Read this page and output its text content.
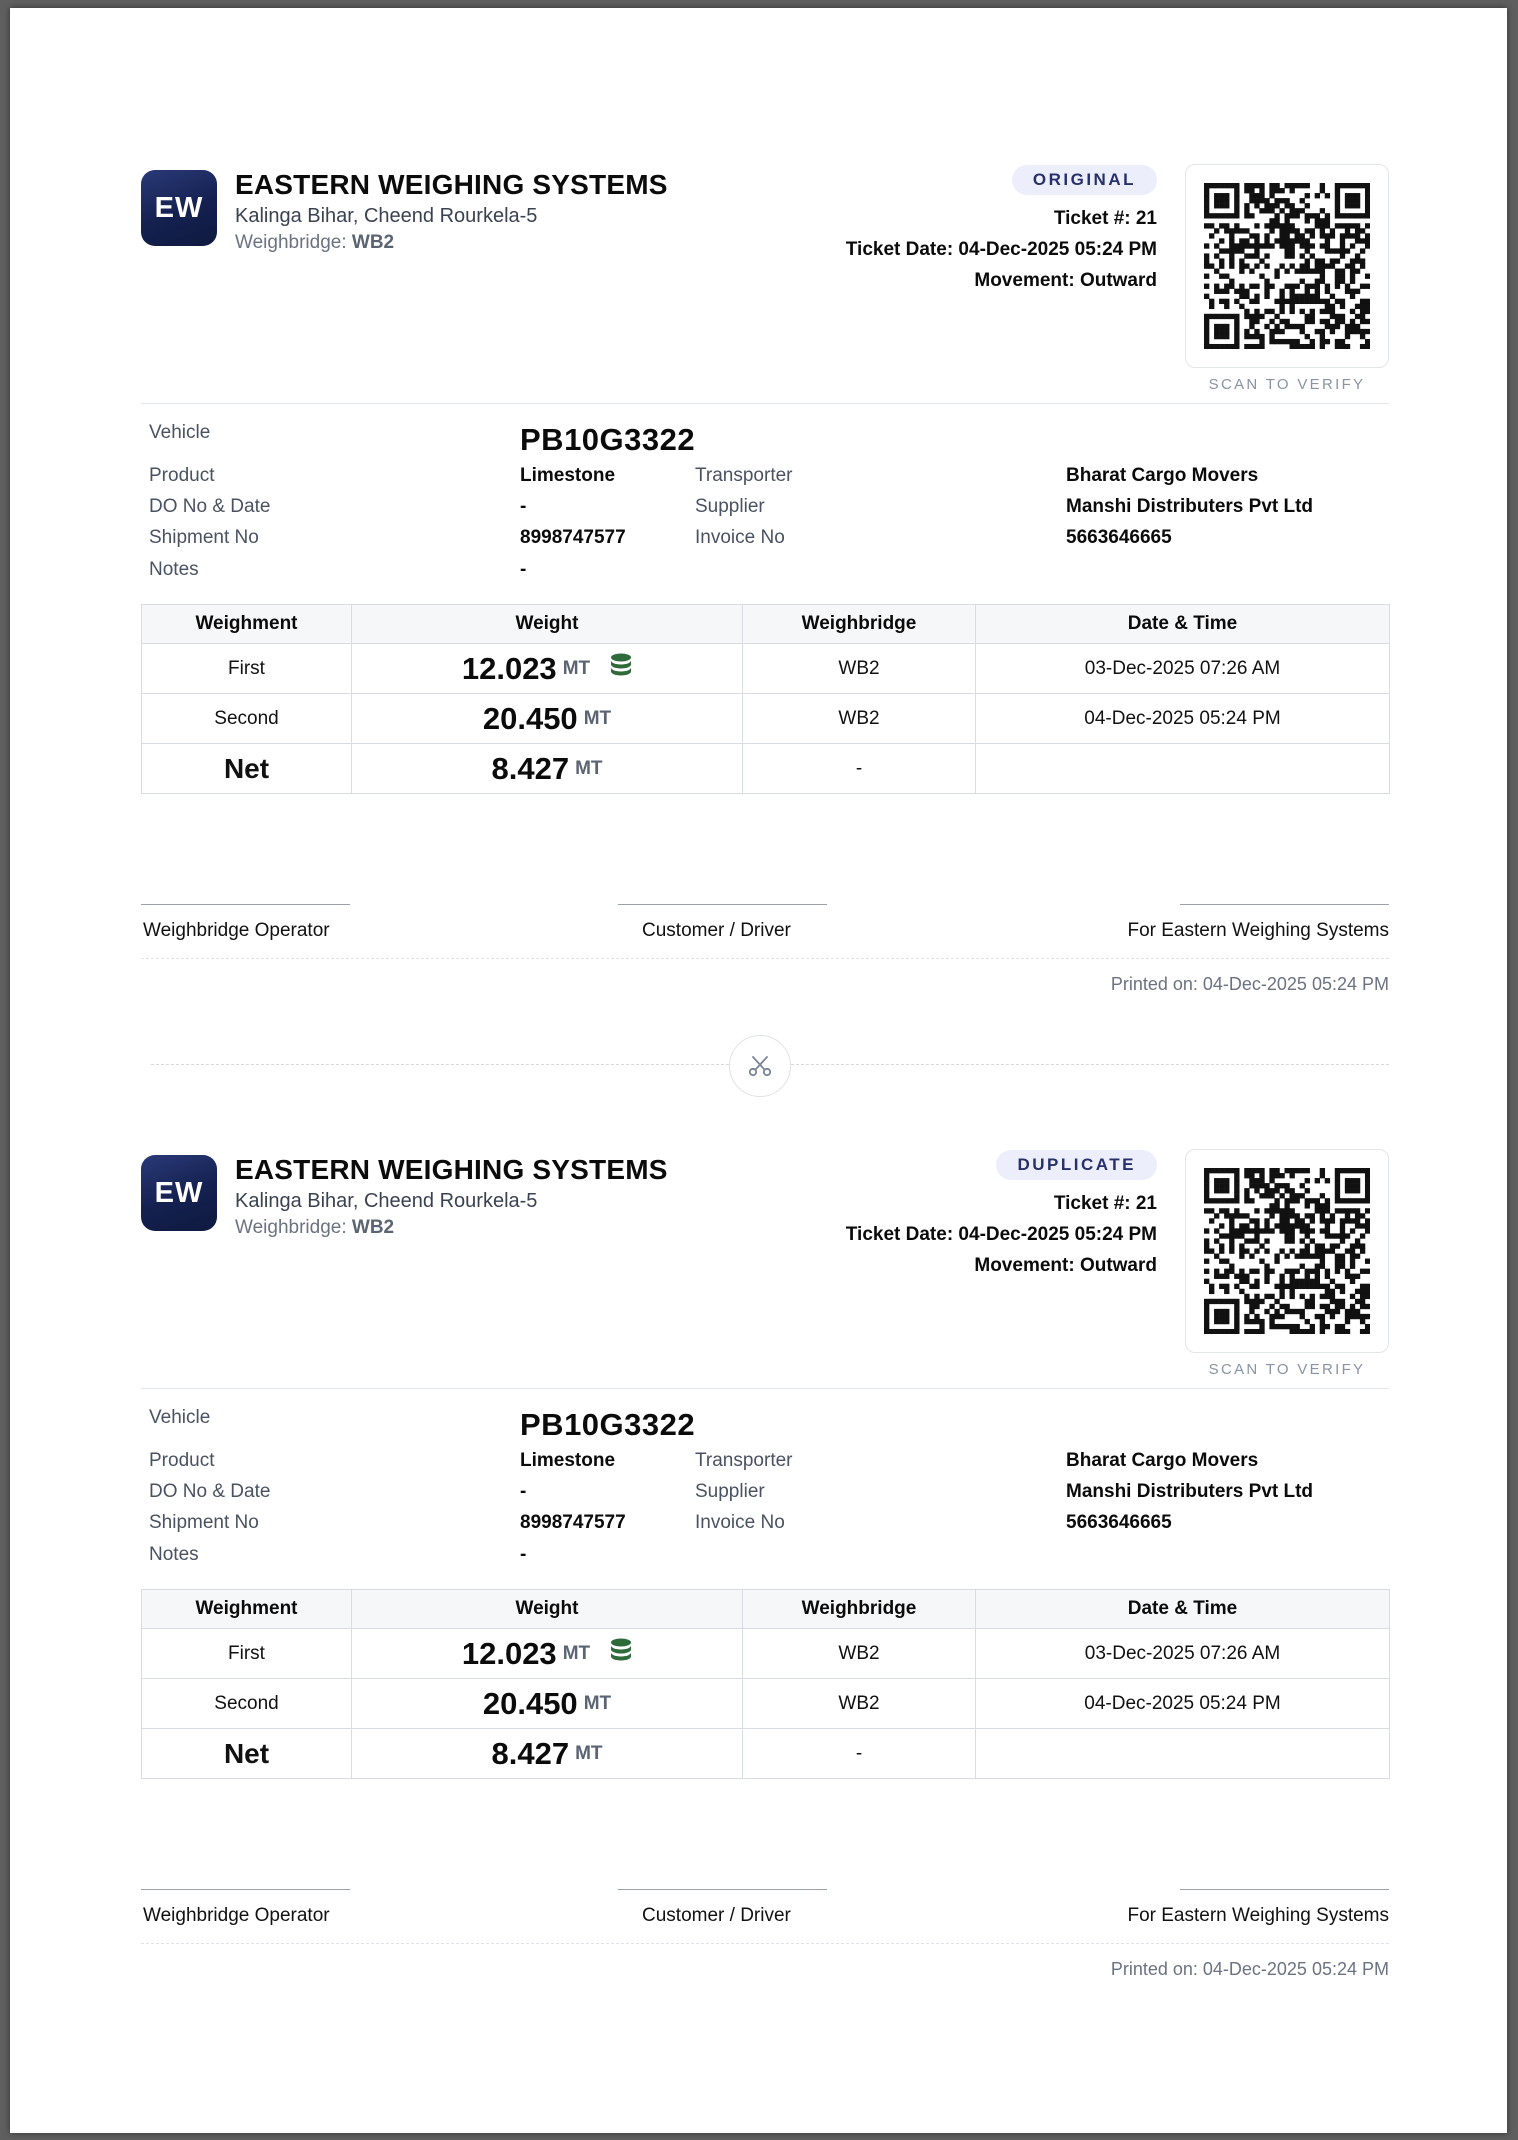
EW
EASTERN WEIGHING SYSTEMS
Kalinga Bihar, Cheend Rourkela-5
Weighbridge: WB2
ORIGINAL
Ticket #: 21
Ticket Date: 04-Dec-2025 05:24 PM
Movement: Outward
SCAN TO VERIFY
Vehicle	PB10G3322
Product	Limestone	Transporter	Bharat Cargo Movers
DO No & Date	-	Supplier	Manshi Distributers Pvt Ltd
Shipment No	8998747577	Invoice No	5663646665
Notes	-
Weighment	Weight	Weighbridge	Date & Time
First	12.023 MT	WB2	03-Dec-2025 07:26 AM
Second	20.450 MT	WB2	04-Dec-2025 05:24 PM
Net	8.427 MT	-	
Weighbridge Operator	Customer / Driver	For Eastern Weighing Systems
Printed on: 04-Dec-2025 05:24 PM
EW
EASTERN WEIGHING SYSTEMS
Kalinga Bihar, Cheend Rourkela-5
Weighbridge: WB2
DUPLICATE
Ticket #: 21
Ticket Date: 04-Dec-2025 05:24 PM
Movement: Outward
SCAN TO VERIFY
Vehicle	PB10G3322
Product	Limestone	Transporter	Bharat Cargo Movers
DO No & Date	-	Supplier	Manshi Distributers Pvt Ltd
Shipment No	8998747577	Invoice No	5663646665
Notes	-
Weighment	Weight	Weighbridge	Date & Time
First	12.023 MT	WB2	03-Dec-2025 07:26 AM
Second	20.450 MT	WB2	04-Dec-2025 05:24 PM
Net	8.427 MT	-	
Weighbridge Operator	Customer / Driver	For Eastern Weighing Systems
Printed on: 04-Dec-2025 05:24 PM
